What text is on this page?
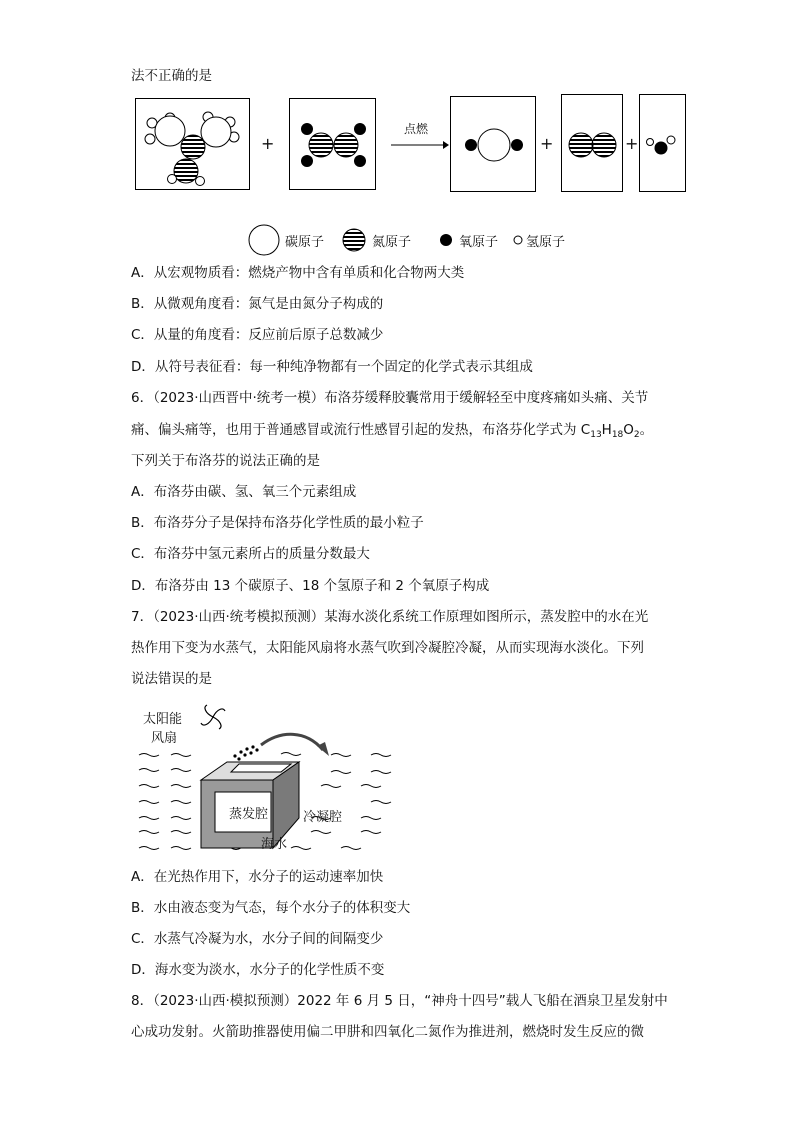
法不正确的是
+
点燃
+	+
碳原子	氮原子	氧原子 氢原子
A．从宏观物质看：燃烧产物中含有单质和化合物两大类
B．从微观角度看：氮气是由氮分子构成的
C．从量的角度看：反应前后原子总数减少
D．从符号表征看：每一种纯净物都有一个固定的化学式表示其组成
6．（2023·山西晋中·统考一模）布洛芬缓释胶囊常用于缓解轻至中度疼痛如头痛、关节
痛、偏头痛等，也用于普通感冒或流行性感冒引起的发热，布洛芬化学式为 $C_{13}H_{18}O_2$。
下列关于布洛芬的说法正确的是
A．布洛芬由碳、氢、氧三个元素组成
B．布洛芬分子是保持布洛芬化学性质的最小粒子
C．布洛芬中氢元素所占的质量分数最大
D．布洛芬由 13 个碳原子、18 个氢原子和 2 个氧原子构成
7．（2023·山西·统考模拟预测）某海水淡化系统工作原理如图所示，蒸发腔中的水在光
热作用下变为水蒸气，太阳能风扇将水蒸气吹到冷凝腔冷凝，从而实现海水淡化。下列
说法错误的是
太阳能
风扇
蒸发腔	冷凝腔
海水
A．在光热作用下，水分子的运动速率加快
B．水由液态变为气态，每个水分子的体积变大
C．水蒸气冷凝为水，水分子间的间隔变少
D．海水变为淡水，水分子的化学性质不变
8．（2023·山西·模拟预测）2022 年 6 月 5 日，“神舟十四号”载人飞船在酒泉卫星发射中
心成功发射。火箭助推器使用偏二甲肼和四氧化二氮作为推进剂，燃烧时发生反应的微
